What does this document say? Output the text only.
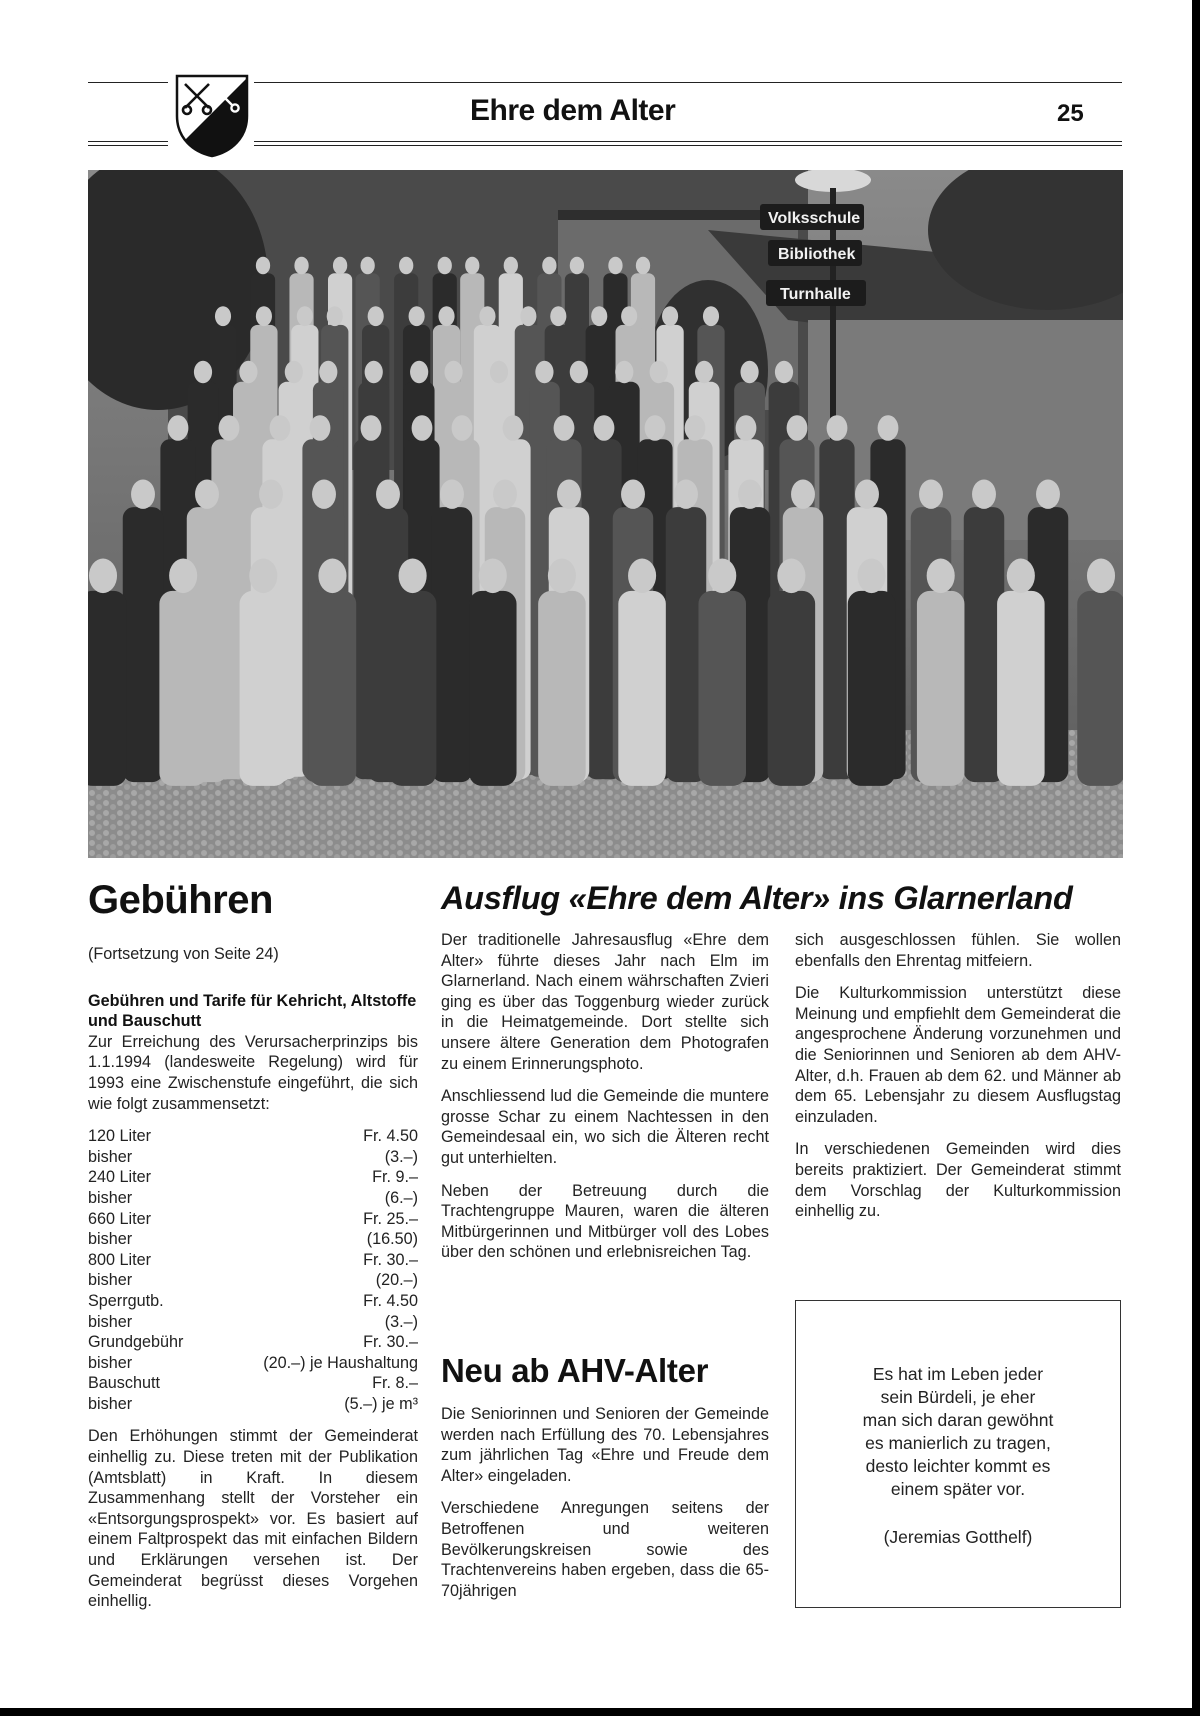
Ehre dem Alter	25
Volksschule
Bibliothek
Turnhalle
Gebühren

(Fortsetzung von Seite 24)

Gebühren und Tarife für Kehricht, Altstoffe und Bauschutt

Zur Erreichung des Verursacherprinzips bis 1.1.1994 (landesweite Regelung) wird für 1993 eine Zwischenstufe eingeführt, die sich wie folgt zusammensetzt:

120 Liter	Fr. 4.50
bisher	(3.–)
240 Liter	Fr. 9.–
bisher	(6.–)
660 Liter	Fr. 25.–
bisher	(16.50)
800 Liter	Fr. 30.–
bisher	(20.–)
Sperrgutb.	Fr. 4.50
bisher	(3.–)
Grundgebühr	Fr. 30.–
bisher	(20.–) je Haushaltung
Bauschutt	Fr. 8.–
bisher	(5.–) je m³

Den Erhöhungen stimmt der Gemeinderat einhellig zu. Diese treten mit der Publikation (Amtsblatt) in Kraft. In diesem Zusammenhang stellt der Vorsteher ein «Entsorgungsprospekt» vor. Es basiert auf einem Faltprospekt das mit einfachen Bildern und Erklärungen versehen ist. Der Gemeinderat begrüsst dieses Vorgehen einhellig.

Ausflug «Ehre dem Alter» ins Glarnerland

Der traditionelle Jahresausflug «Ehre dem Alter» führte dieses Jahr nach Elm im Glarnerland. Nach einem währschaften Zvieri ging es über das Toggenburg wieder zurück in die Heimatgemeinde. Dort stellte sich unsere ältere Generation dem Photografen zu einem Erinnerungsphoto.

Anschliessend lud die Gemeinde die muntere grosse Schar zu einem Nachtessen in den Gemeindesaal ein, wo sich die Älteren recht gut unterhielten.

Neben der Betreuung durch die Trachtengruppe Mauren, waren die älteren Mitbürgerinnen und Mitbürger voll des Lobes über den schönen und erlebnisreichen Tag.

Neu ab AHV-Alter

Die Seniorinnen und Senioren der Gemeinde werden nach Erfüllung des 70. Lebensjahres zum jährlichen Tag «Ehre und Freude dem Alter» eingeladen.

Verschiedene Anregungen seitens der Betroffenen und weiteren Bevölkerungskreisen sowie des Trachtenvereins haben ergeben, dass die 65-70jährigen

sich ausgeschlossen fühlen. Sie wollen ebenfalls den Ehrentag mitfeiern.

Die Kulturkommission unterstützt diese Meinung und empfiehlt dem Gemeinderat die angesprochene Änderung vorzunehmen und die Seniorinnen und Senioren ab dem AHV-Alter, d.h. Frauen ab dem 62. und Männer ab dem 65. Lebensjahr zu diesem Ausflugstag einzuladen.

In verschiedenen Gemeinden wird dies bereits praktiziert. Der Gemeinderat stimmt dem Vorschlag der Kulturkommission einhellig zu.

Es hat im Leben jeder
sein Bürdeli, je eher
man sich daran gewöhnt
es manierlich zu tragen,
desto leichter kommt es
einem später vor.
(Jeremias Gotthelf)
